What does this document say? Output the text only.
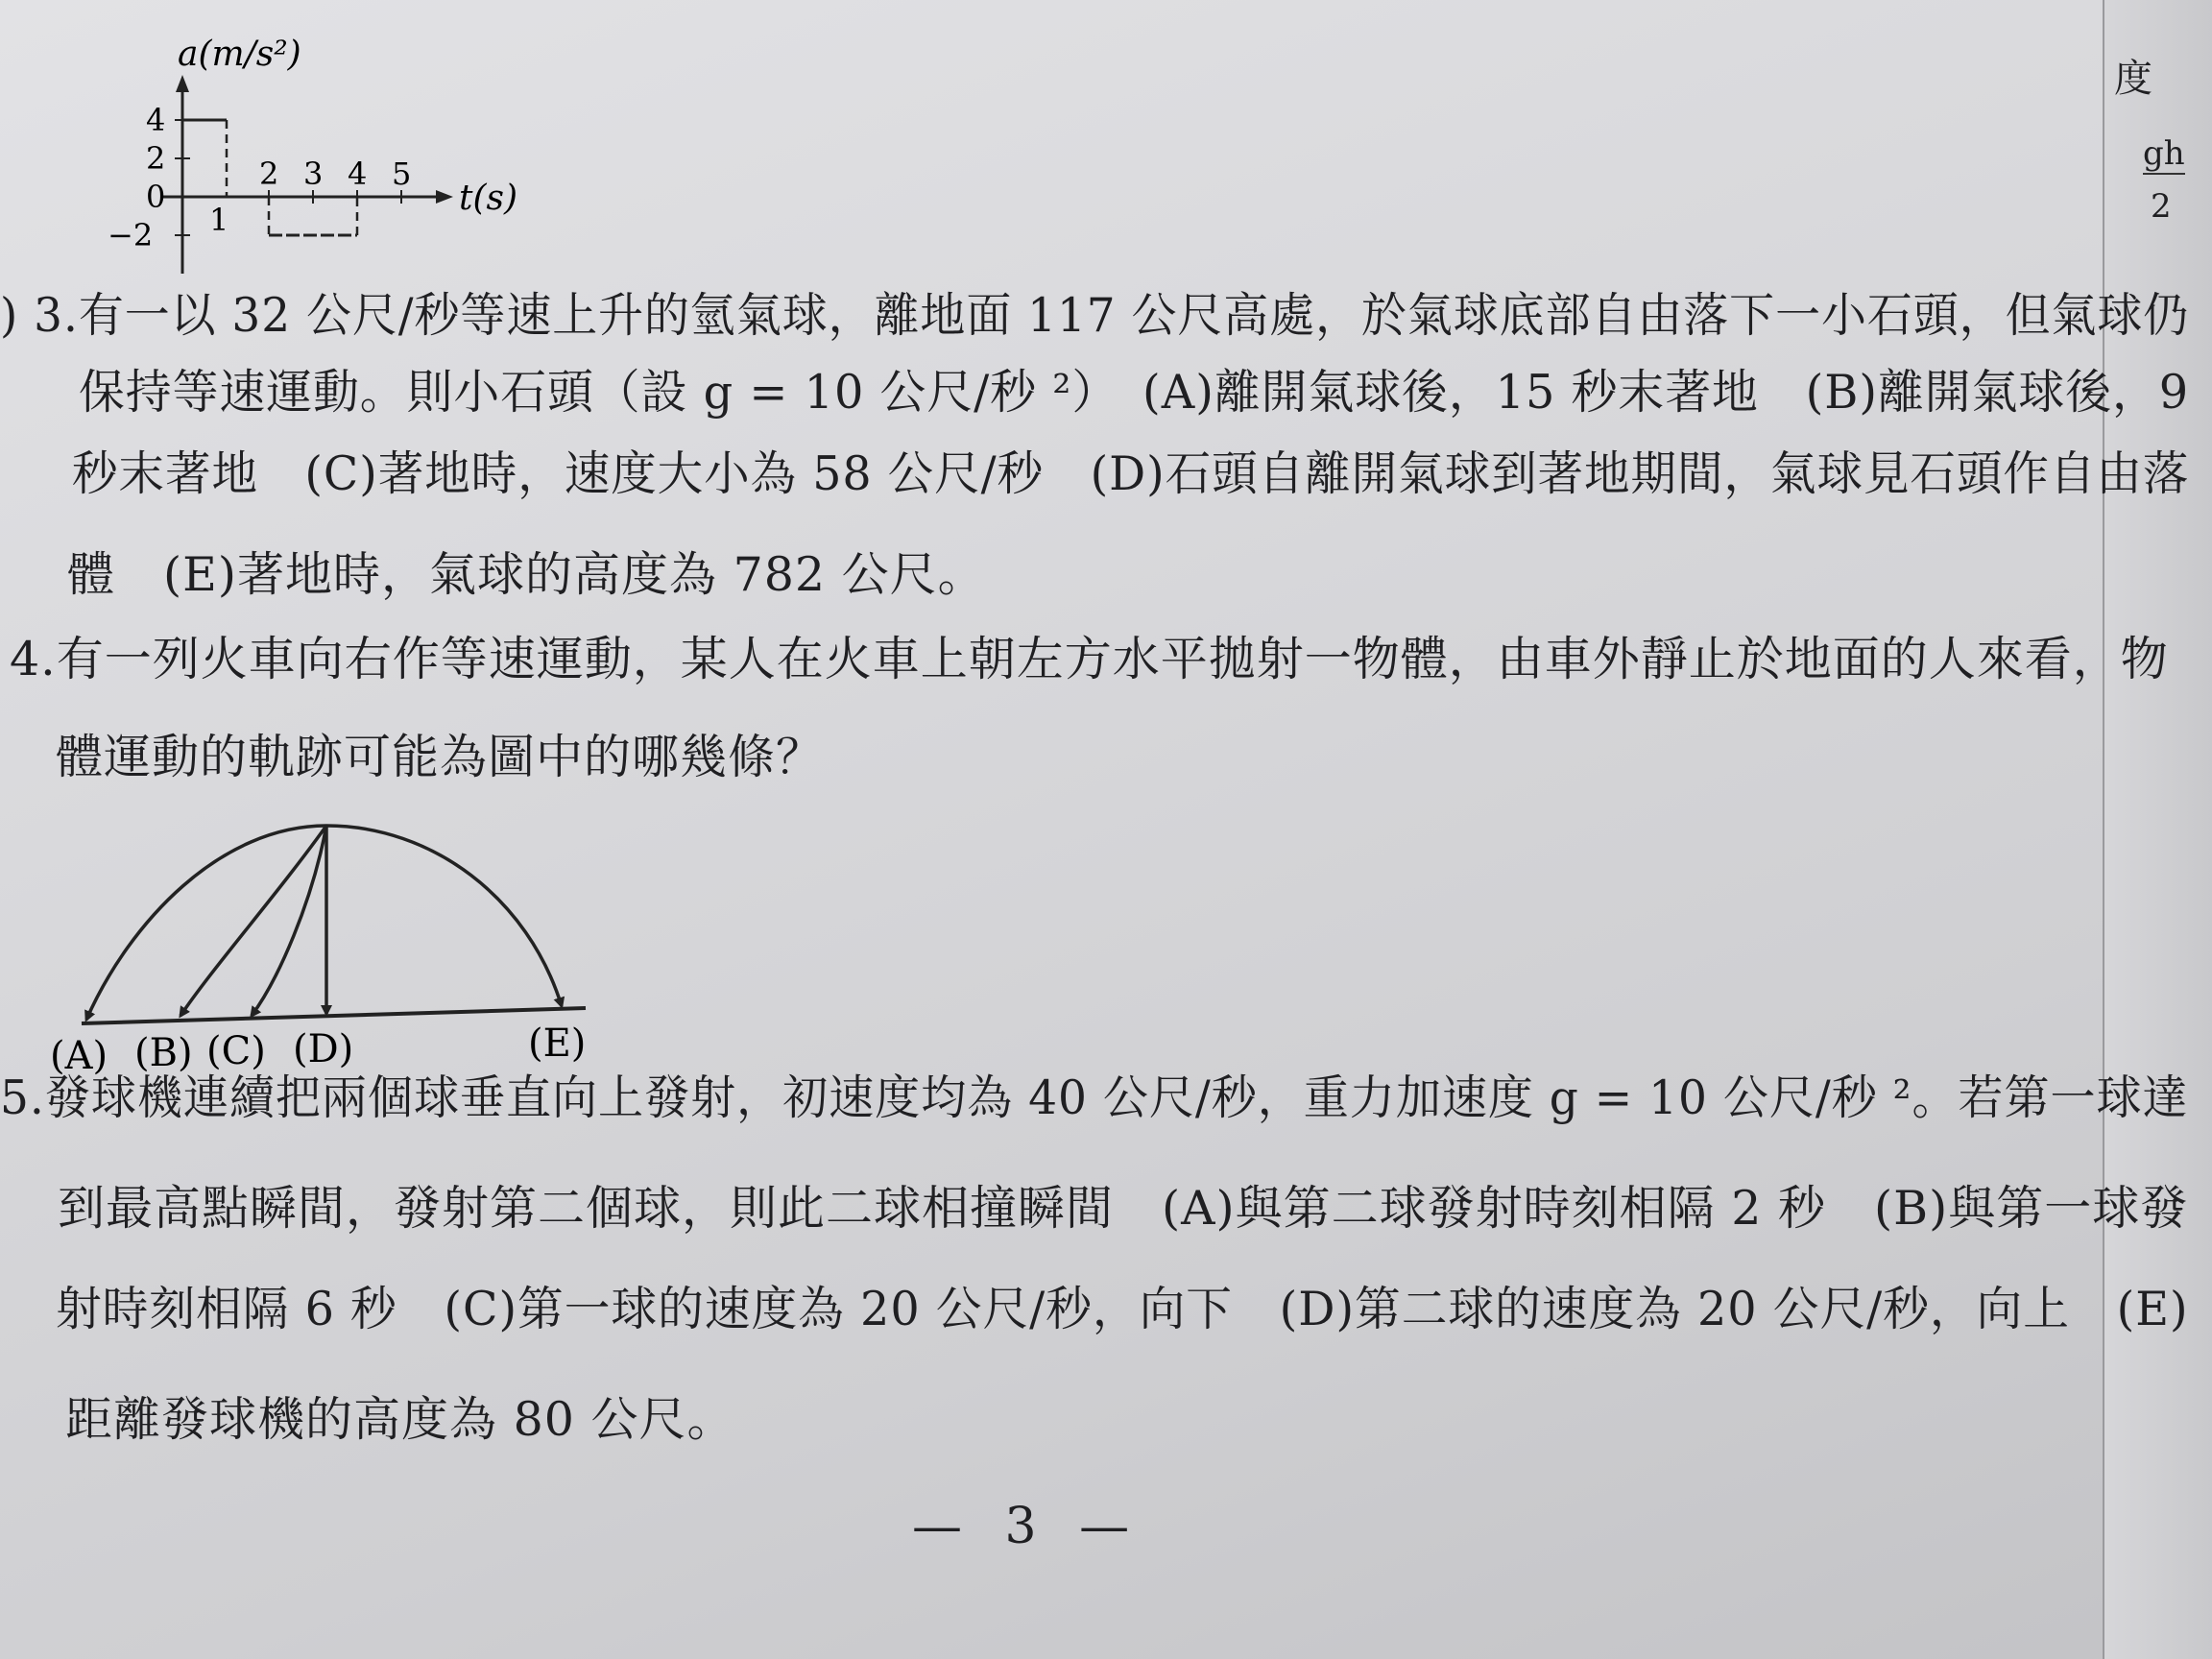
度
gh
2
a(m/s²)
t(s)
4
2
0
−2
2 3 4 5
1
) 3.有一以 32 公尺/秒等速上升的氫氣球，離地面 117 公尺高處，於氣球底部自由落下一小石頭，但氣球仍
保持等速運動。則小石頭（設 g = 10 公尺/秒 ²）　(A)離開氣球後，15 秒末著地　(B)離開氣球後，9
秒末著地　(C)著地時，速度大小為 58 公尺/秒　(D)石頭自離開氣球到著地期間，氣球見石頭作自由落
體　(E)著地時，氣球的高度為 782 公尺。
4.有一列火車向右作等速運動，某人在火車上朝左方水平拋射一物體，由車外靜止於地面的人來看，物
體運動的軌跡可能為圖中的哪幾條？
(A) (B) (C) (D)	(E)
5.發球機連續把兩個球垂直向上發射，初速度均為 40 公尺/秒，重力加速度 g = 10 公尺/秒 ²。若第一球達
到最高點瞬間，發射第二個球，則此二球相撞瞬間　(A)與第二球發射時刻相隔 2 秒　(B)與第一球發
射時刻相隔 6 秒　(C)第一球的速度為 20 公尺/秒，向下　(D)第二球的速度為 20 公尺/秒，向上　(E)
距離發球機的高度為 80 公尺。
— 3 —
